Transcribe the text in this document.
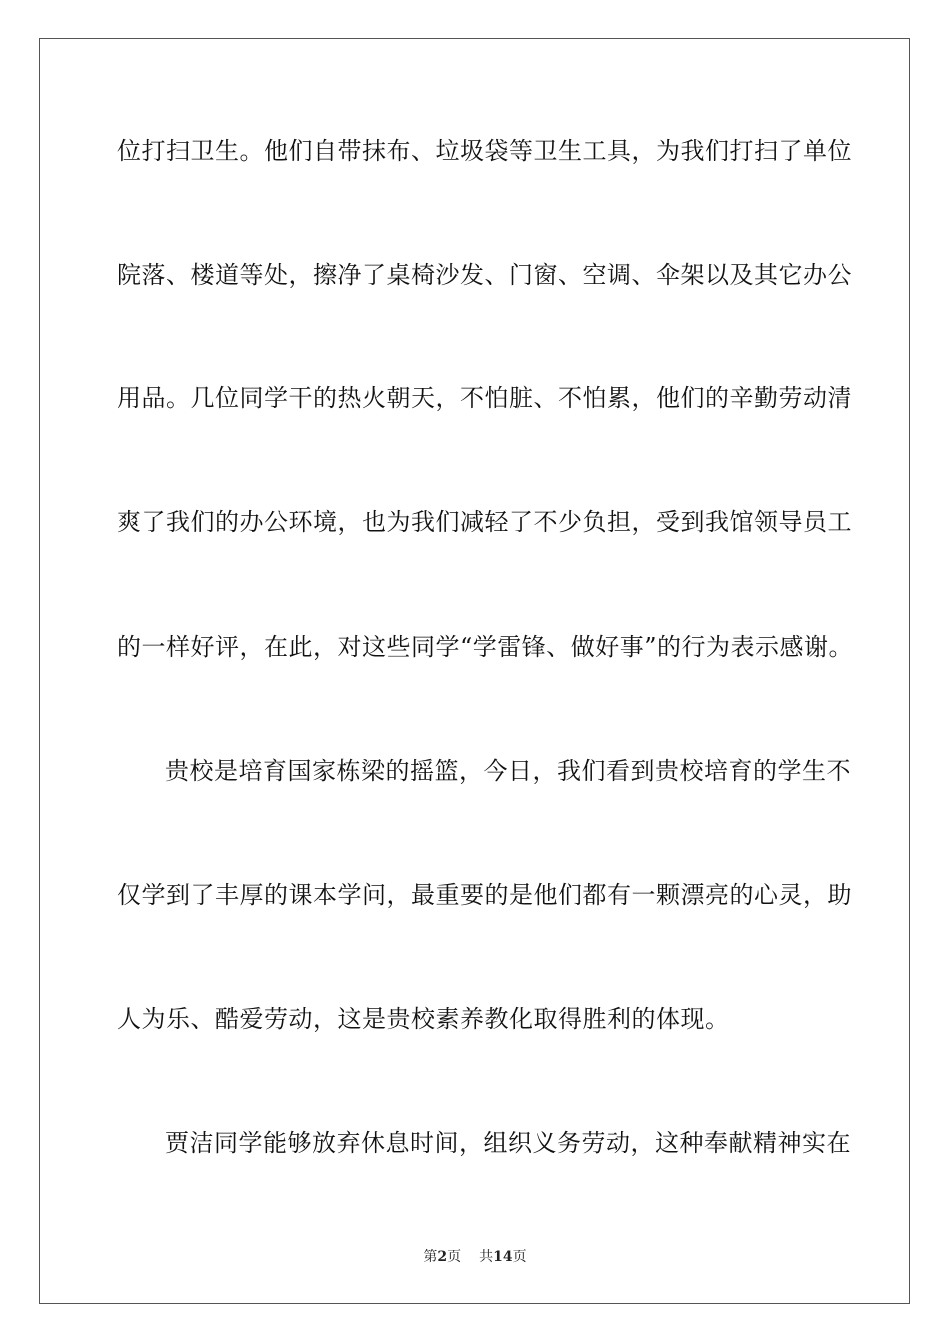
位打扫卫生。他们自带抹布、垃圾袋等卫生工具，为我们打扫了单位
院落、楼道等处，擦净了桌椅沙发、门窗、空调、伞架以及其它办公
用品。几位同学干的热火朝天，不怕脏、不怕累，他们的辛勤劳动清
爽了我们的办公环境，也为我们减轻了不少负担，受到我馆领导员工
的一样好评，在此，对这些同学“学雷锋、做好事”的行为表示感谢。
贵校是培育国家栋梁的摇篮，今日，我们看到贵校培育的学生不
仅学到了丰厚的课本学问，最重要的是他们都有一颗漂亮的心灵，助
人为乐、酷爱劳动，这是贵校素养教化取得胜利的体现。
贾洁同学能够放弃休息时间，组织义务劳动，这种奉献精神实在
第2页 共14页
